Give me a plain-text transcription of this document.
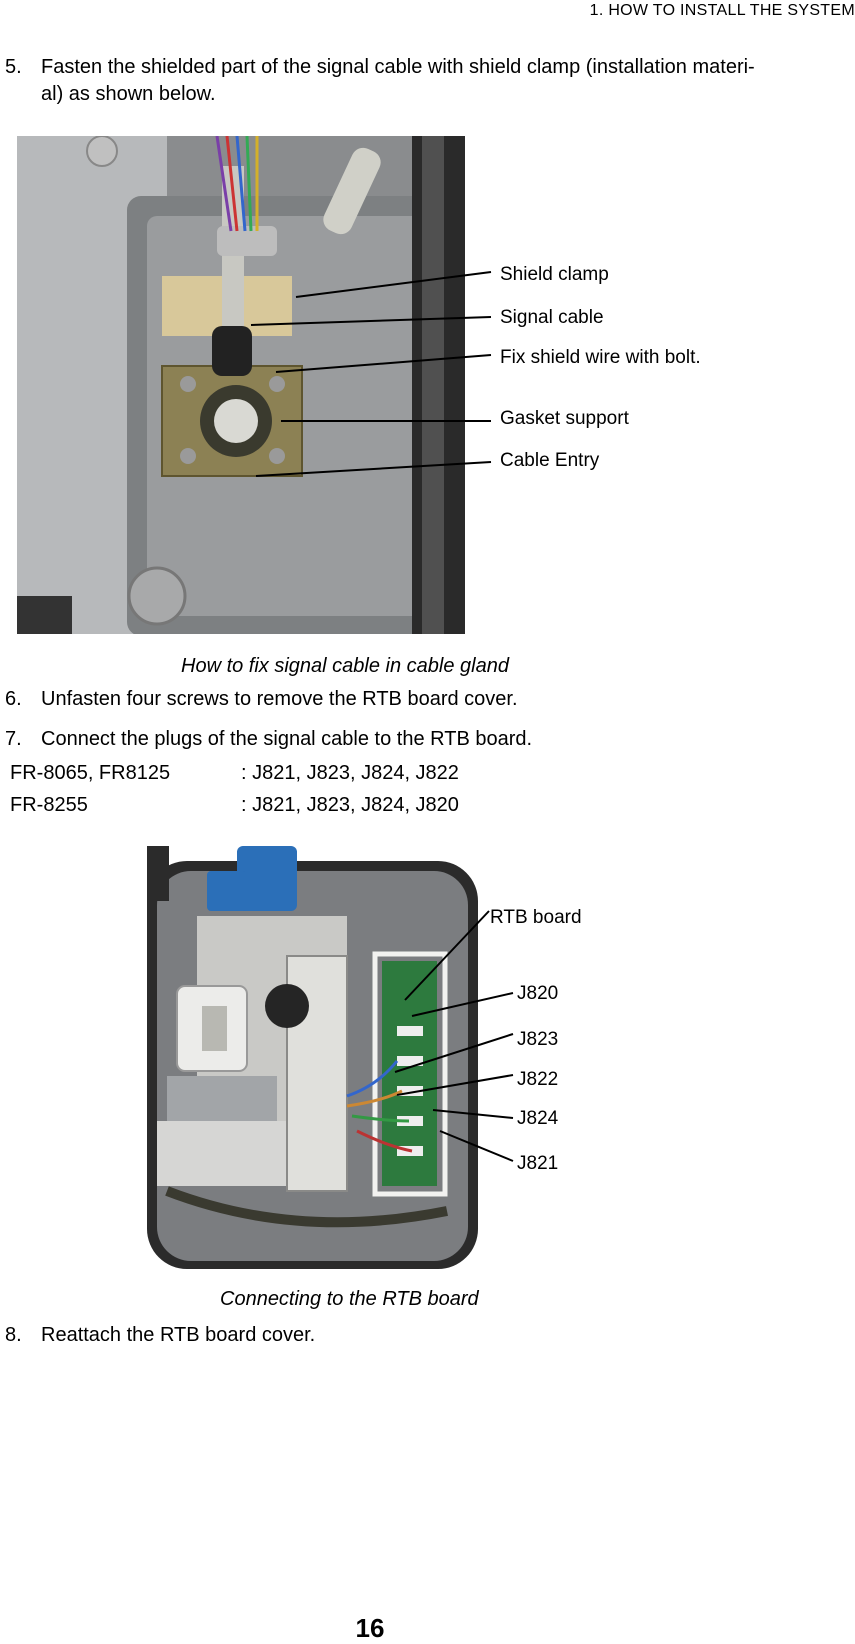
1. HOW TO INSTALL THE SYSTEM
5. Fasten the shielded part of the signal cable with shield clamp (installation materi-
al) as shown below.
Shield clamp
Signal cable
Fix shield wire with bolt.
Gasket support
Cable Entry
How to fix signal cable in cable gland
6. Unfasten four screws to remove the RTB board cover.
7. Connect the plugs of the signal cable to the RTB board.
FR-8065, FR8125	: J821, J823, J824, J822
FR-8255	: J821, J823, J824, J820
RTB board
J820
J823
J822
J824
J821
Connecting to the RTB board
8. Reattach the RTB board cover.
16
